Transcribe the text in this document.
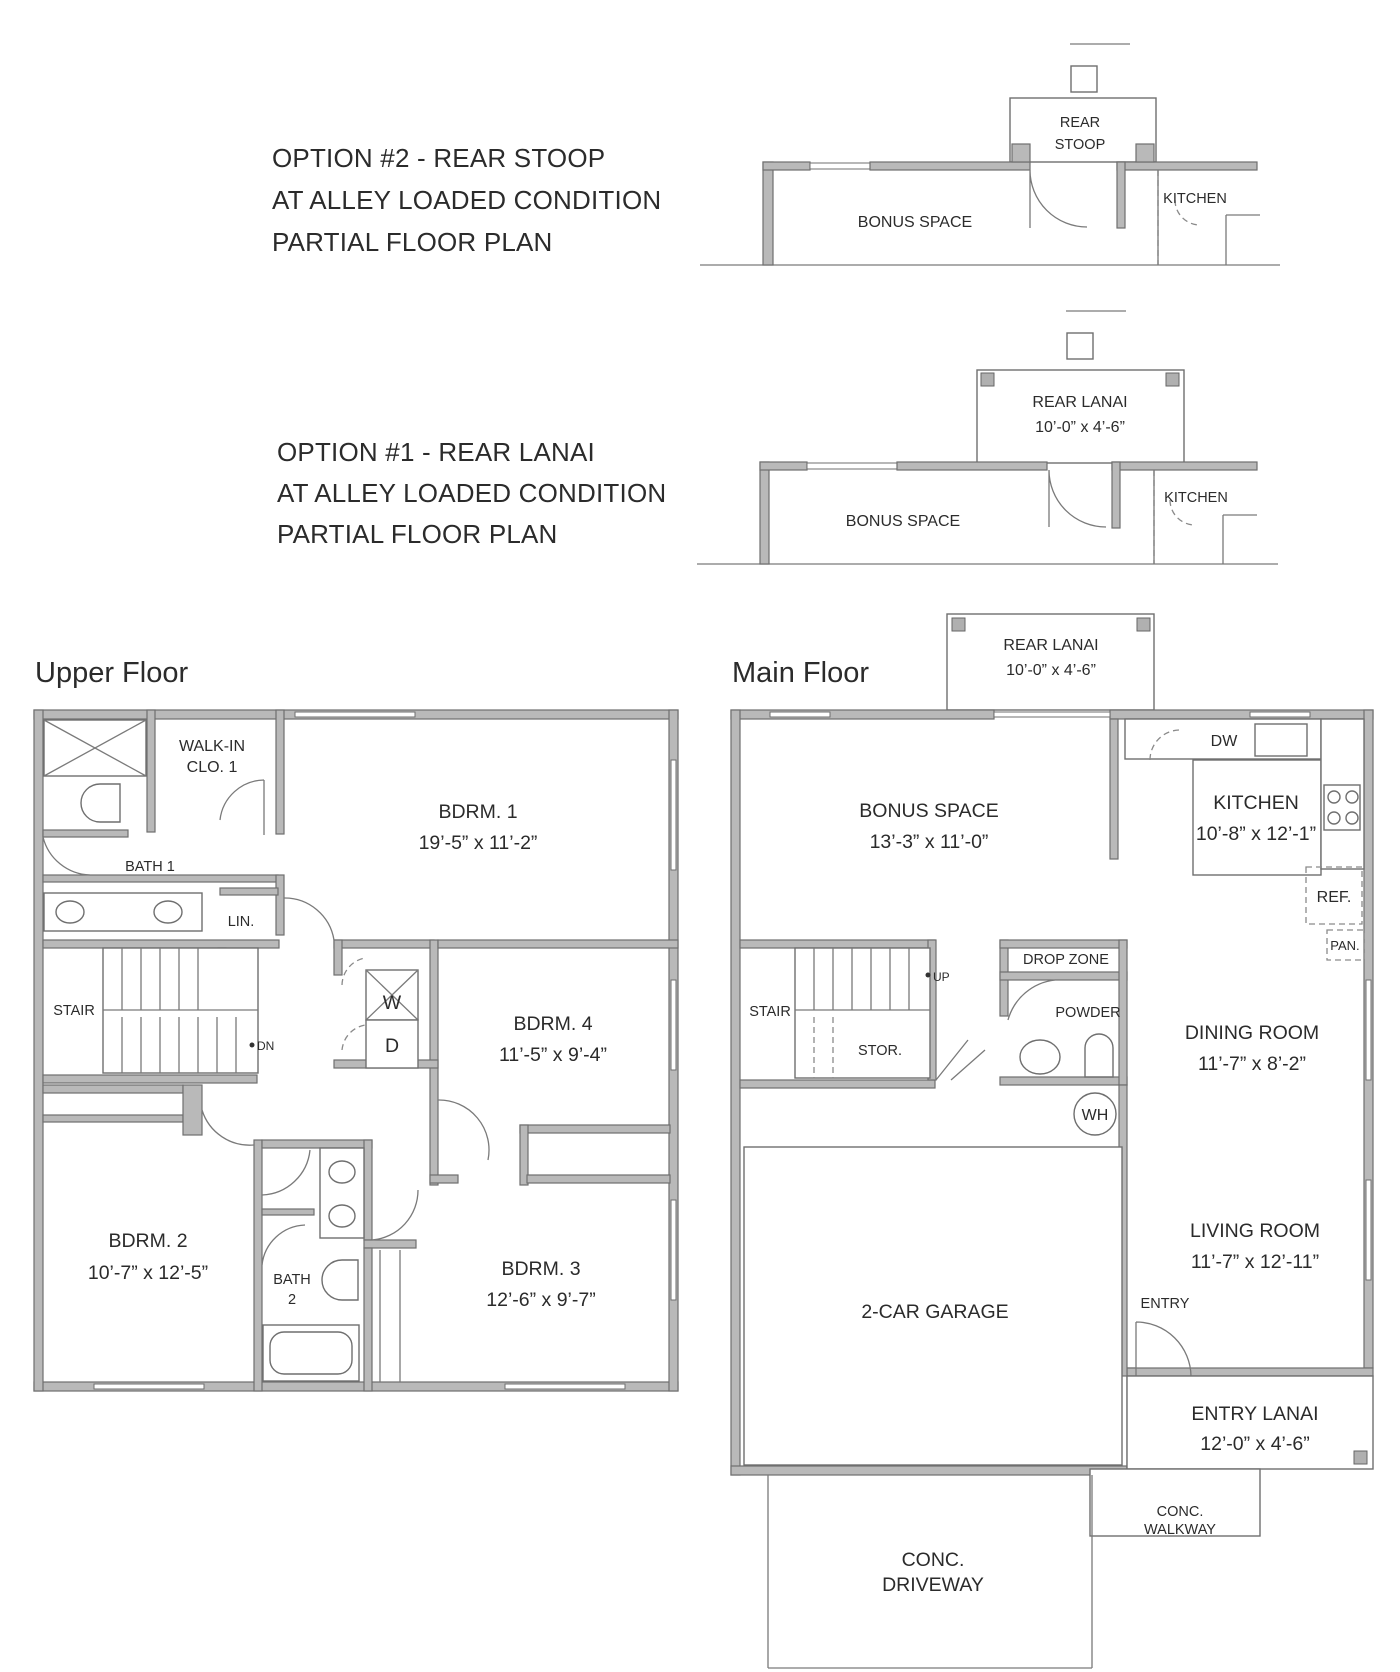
OPTION #2 - REAR STOOP
AT ALLEY LOADED CONDITION
PARTIAL FLOOR PLAN
REAR
STOOP
BONUS SPACE
KITCHEN
OPTION #1 - REAR LANAI
AT ALLEY LOADED CONDITION
PARTIAL FLOOR PLAN
REAR LANAI
10’-0” x 4’-6”
BONUS SPACE
KITCHEN
Upper Floor
WALK-IN
CLO. 1
BATH 1
LIN.
STAIR
DN
W
D
BDRM. 1
19’-5” x 11’-2”
BDRM. 4
11’-5” x 9’-4”
BDRM. 2
10’-7” x 12’-5”	BDRM. 3
12’-6” x 9’-7”
BATH
2
Main Floor
REAR LANAI
10’-0” x 4’-6”
BONUS SPACE
13’-3” x 11’-0”
DW
KITCHEN
10’-8” x 12’-1”
REF.
PAN.
DROP ZONE
POWDER
STAIR
UP
STOR.
DINING ROOM
11’-7” x 8’-2”
WH
LIVING ROOM
11’-7” x 12’-11”
ENTRY
2-CAR GARAGE
ENTRY LANAI
12’-0” x 4’-6”
CONC.
WALKWAY
CONC.
DRIVEWAY
